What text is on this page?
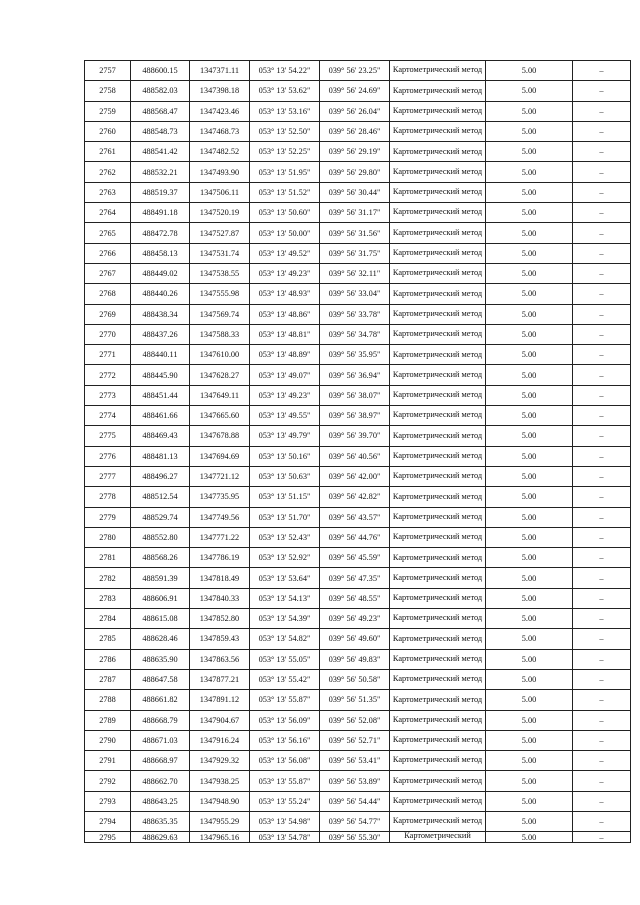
2757	488600.15	1347371.11	053° 13' 54.22"	039° 56' 23.25"	Картометрический метод	5.00	–
2758	488582.03	1347398.18	053° 13' 53.62"	039° 56' 24.69"	Картометрический метод	5.00	–
2759	488568.47	1347423.46	053° 13' 53.16"	039° 56' 26.04"	Картометрический метод	5.00	–
2760	488548.73	1347468.73	053° 13' 52.50"	039° 56' 28.46"	Картометрический метод	5.00	–
2761	488541.42	1347482.52	053° 13' 52.25"	039° 56' 29.19"	Картометрический метод	5.00	–
2762	488532.21	1347493.90	053° 13' 51.95"	039° 56' 29.80"	Картометрический метод	5.00	–
2763	488519.37	1347506.11	053° 13' 51.52"	039° 56' 30.44"	Картометрический метод	5.00	–
2764	488491.18	1347520.19	053° 13' 50.60"	039° 56' 31.17"	Картометрический метод	5.00	–
2765	488472.78	1347527.87	053° 13' 50.00"	039° 56' 31.56"	Картометрический метод	5.00	–
2766	488458.13	1347531.74	053° 13' 49.52"	039° 56' 31.75"	Картометрический метод	5.00	–
2767	488449.02	1347538.55	053° 13' 49.23"	039° 56' 32.11"	Картометрический метод	5.00	–
2768	488440.26	1347555.98	053° 13' 48.93"	039° 56' 33.04"	Картометрический метод	5.00	–
2769	488438.34	1347569.74	053° 13' 48.86"	039° 56' 33.78"	Картометрический метод	5.00	–
2770	488437.26	1347588.33	053° 13' 48.81"	039° 56' 34.78"	Картометрический метод	5.00	–
2771	488440.11	1347610.00	053° 13' 48.89"	039° 56' 35.95"	Картометрический метод	5.00	–
2772	488445.90	1347628.27	053° 13' 49.07"	039° 56' 36.94"	Картометрический метод	5.00	–
2773	488451.44	1347649.11	053° 13' 49.23"	039° 56' 38.07"	Картометрический метод	5.00	–
2774	488461.66	1347665.60	053° 13' 49.55"	039° 56' 38.97"	Картометрический метод	5.00	–
2775	488469.43	1347678.88	053° 13' 49.79"	039° 56' 39.70"	Картометрический метод	5.00	–
2776	488481.13	1347694.69	053° 13' 50.16"	039° 56' 40.56"	Картометрический метод	5.00	–
2777	488496.27	1347721.12	053° 13' 50.63"	039° 56' 42.00"	Картометрический метод	5.00	–
2778	488512.54	1347735.95	053° 13' 51.15"	039° 56' 42.82"	Картометрический метод	5.00	–
2779	488529.74	1347749.56	053° 13' 51.70"	039° 56' 43.57"	Картометрический метод	5.00	–
2780	488552.80	1347771.22	053° 13' 52.43"	039° 56' 44.76"	Картометрический метод	5.00	–
2781	488568.26	1347786.19	053° 13' 52.92"	039° 56' 45.59"	Картометрический метод	5.00	–
2782	488591.39	1347818.49	053° 13' 53.64"	039° 56' 47.35"	Картометрический метод	5.00	–
2783	488606.91	1347840.33	053° 13' 54.13"	039° 56' 48.55"	Картометрический метод	5.00	–
2784	488615.08	1347852.80	053° 13' 54.39"	039° 56' 49.23"	Картометрический метод	5.00	–
2785	488628.46	1347859.43	053° 13' 54.82"	039° 56' 49.60"	Картометрический метод	5.00	–
2786	488635.90	1347863.56	053° 13' 55.05"	039° 56' 49.83"	Картометрический метод	5.00	–
2787	488647.58	1347877.21	053° 13' 55.42"	039° 56' 50.58"	Картометрический метод	5.00	–
2788	488661.82	1347891.12	053° 13' 55.87"	039° 56' 51.35"	Картометрический метод	5.00	–
2789	488668.79	1347904.67	053° 13' 56.09"	039° 56' 52.08"	Картометрический метод	5.00	–
2790	488671.03	1347916.24	053° 13' 56.16"	039° 56' 52.71"	Картометрический метод	5.00	–
2791	488668.97	1347929.32	053° 13' 56.08"	039° 56' 53.41"	Картометрический метод	5.00	–
2792	488662.70	1347938.25	053° 13' 55.87"	039° 56' 53.89"	Картометрический метод	5.00	–
2793	488643.25	1347948.90	053° 13' 55.24"	039° 56' 54.44"	Картометрический метод	5.00	–
2794	488635.35	1347955.29	053° 13' 54.98"	039° 56' 54.77"	Картометрический метод	5.00	–
2795	488629.63	1347965.16	053° 13' 54.78"	039° 56' 55.30"	Картометрический	5.00	–
